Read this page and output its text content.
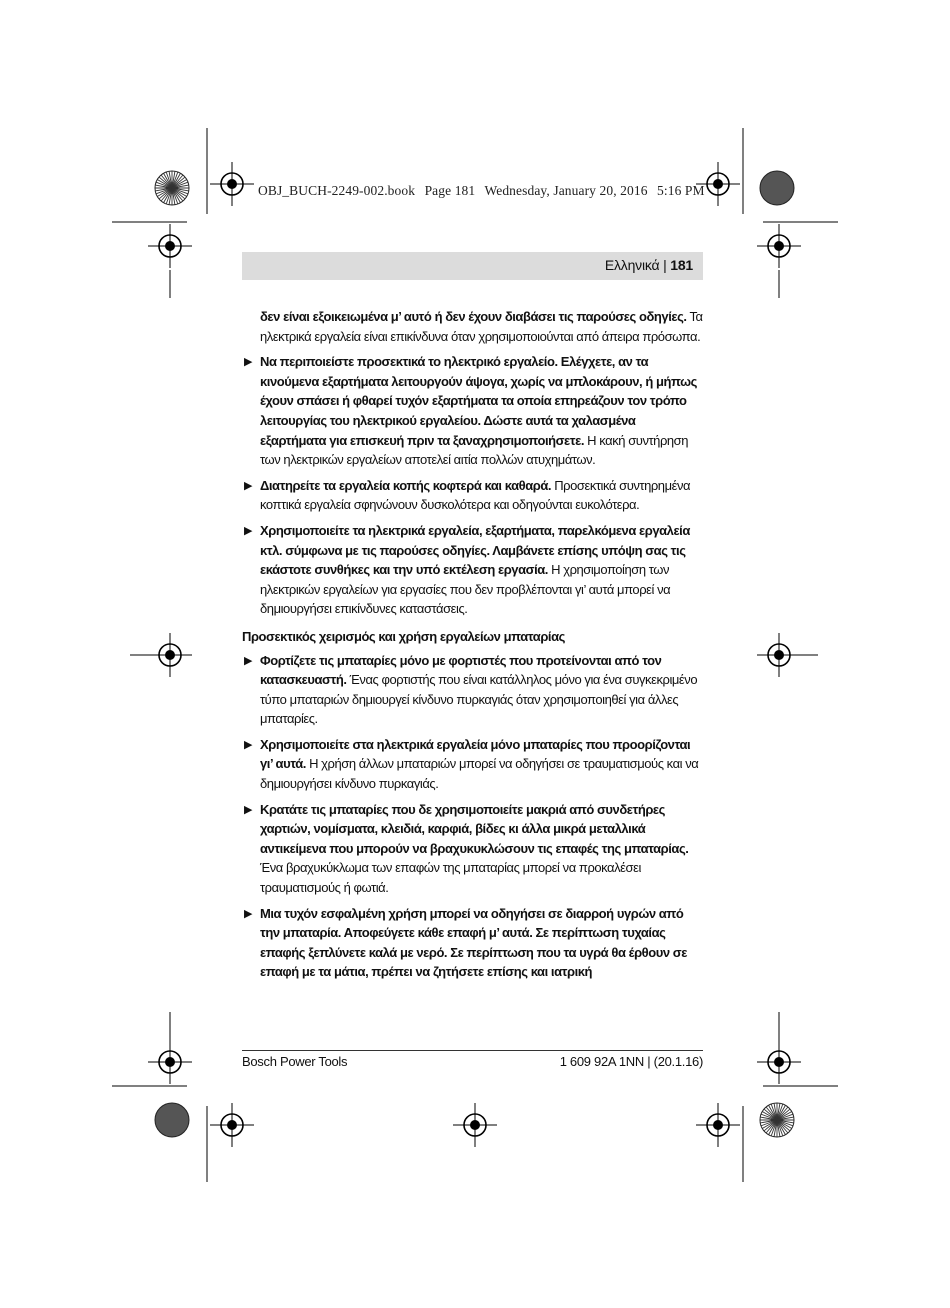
OBJ_BUCH-2249-002.book Page 181 Wednesday, January 20, 2016 5:16 PM
Ελληνικά | 181

δεν είναι εξοικειωμένα μ’ αυτό ή δεν έχουν διαβάσει τις παρούσες οδηγίες. Τα ηλεκτρικά εργαλεία είναι επικίνδυνα όταν χρησιμοποιούνται από άπειρα πρόσωπα.

▶ Να περιποιείστε προσεκτικά το ηλεκτρικό εργαλείο. Ελέγχετε, αν τα κινούμενα εξαρτήματα λειτουργούν άψογα, χωρίς να μπλοκάρουν, ή μήπως έχουν σπάσει ή φθαρεί τυχόν εξαρτήματα τα οποία επηρεάζουν τον τρόπο λειτουργίας του ηλεκτρικού εργαλείου. Δώστε αυτά τα χαλασμένα εξαρτήματα για επισκευή πριν τα ξαναχρησιμοποιήσετε. Η κακή συντήρηση των ηλεκτρικών εργαλείων αποτελεί αιτία πολλών ατυχημάτων.

▶ Διατηρείτε τα εργαλεία κοπής κοφτερά και καθαρά. Προσεκτικά συντηρημένα κοπτικά εργαλεία σφηνώνουν δυσκολότερα και οδηγούνται ευκολότερα.

▶ Χρησιμοποιείτε τα ηλεκτρικά εργαλεία, εξαρτήματα, παρελκόμενα εργαλεία κτλ. σύμφωνα με τις παρούσες οδηγίες. Λαμβάνετε επίσης υπόψη σας τις εκάστοτε συνθήκες και την υπό εκτέλεση εργασία. Η χρησιμοποίηση των ηλεκτρικών εργαλείων για εργασίες που δεν προβλέπονται γι’ αυτά μπορεί να δημιουργήσει επικίνδυνες καταστάσεις.

Προσεκτικός χειρισμός και χρήση εργαλείων μπαταρίας

▶ Φορτίζετε τις μπαταρίες μόνο με φορτιστές που προτείνονται από τον κατασκευαστή. Ένας φορτιστής που είναι κατάλληλος μόνο για ένα συγκεκριμένο τύπο μπαταριών δημιουργεί κίνδυνο πυρκαγιάς όταν χρησιμοποιηθεί για άλλες μπαταρίες.

▶ Χρησιμοποιείτε στα ηλεκτρικά εργαλεία μόνο μπαταρίες που προορίζονται γι’ αυτά. Η χρήση άλλων μπαταριών μπορεί να οδηγήσει σε τραυματισμούς και να δημιουργήσει κίνδυνο πυρκαγιάς.

▶ Κρατάτε τις μπαταρίες που δε χρησιμοποιείτε μακριά από συνδετήρες χαρτιών, νομίσματα, κλειδιά, καρφιά, βίδες κι άλλα μικρά μεταλλικά αντικείμενα που μπορούν να βραχυκυκλώσουν τις επαφές της μπαταρίας. Ένα βραχυκύκλωμα των επαφών της μπαταρίας μπορεί να προκαλέσει τραυματισμούς ή φωτιά.

▶ Μια τυχόν εσφαλμένη χρήση μπορεί να οδηγήσει σε διαρροή υγρών από την μπαταρία. Αποφεύγετε κάθε επαφή μ’ αυτά. Σε περίπτωση τυχαίας επαφής ξεπλύνετε καλά με νερό. Σε περίπτωση που τα υγρά θα έρθουν σε επαφή με τα μάτια, πρέπει να ζητήσετε επίσης και ιατρική

Bosch Power Tools	1 609 92A 1NN | (20.1.16)
